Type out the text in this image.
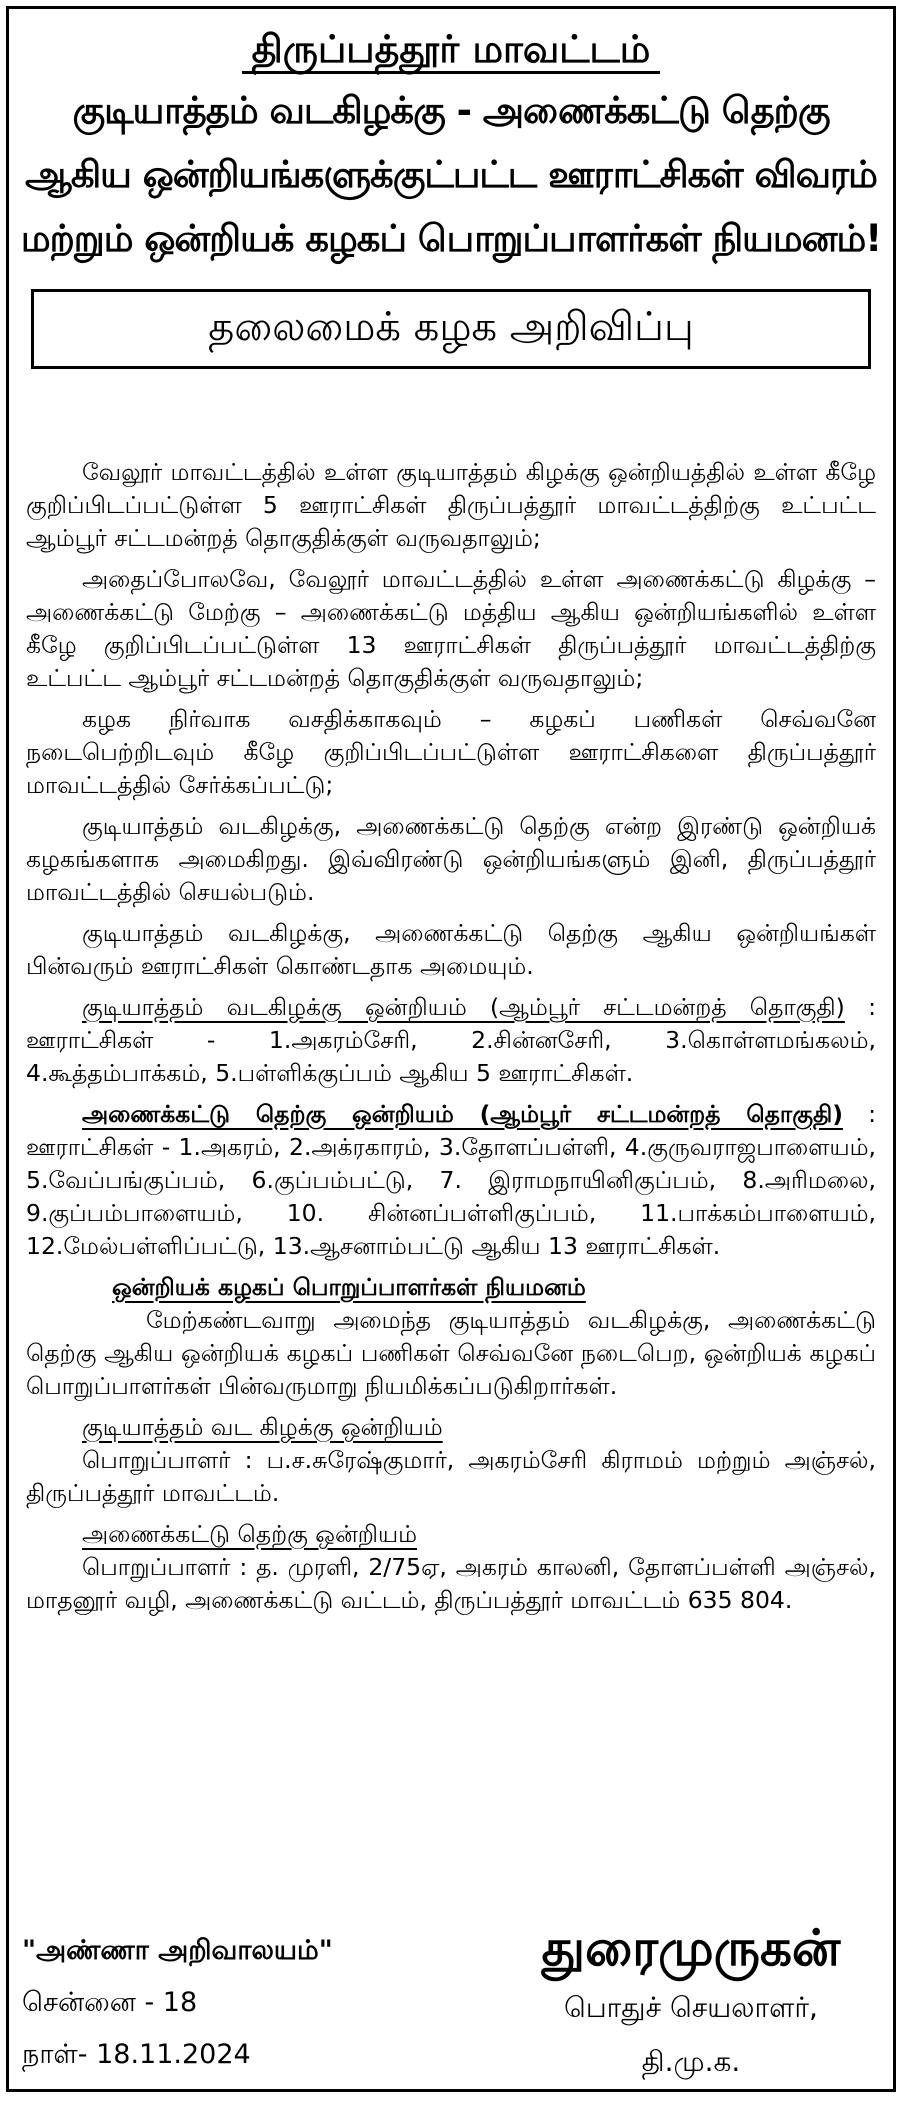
திருப்பத்தூர் மாவட்டம்
குடியாத்தம் வடகிழக்கு - அணைக்கட்டு தெற்கு
ஆகிய ஒன்றியங்களுக்குட்பட்ட ஊராட்சிகள் விவரம்
மற்றும் ஒன்றியக் கழகப் பொறுப்பாளர்கள் நியமனம்!
தலைமைக் கழக அறிவிப்பு

வேலூர் மாவட்டத்தில் உள்ள குடியாத்தம் கிழக்கு ஒன்றியத்தில் உள்ள கீழே குறிப்பிடப்பட்டுள்ள 5 ஊராட்சிகள் திருப்பத்தூர் மாவட்டத்திற்கு உட்பட்ட ஆம்பூர் சட்டமன்றத் தொகுதிக்குள் வருவதாலும்;

அதைப்போலவே, வேலூர் மாவட்டத்தில் உள்ள அணைக்கட்டு கிழக்கு – அணைக்கட்டு மேற்கு – அணைக்கட்டு மத்திய ஆகிய ஒன்றியங்களில் உள்ள கீழே குறிப்பிடப்பட்டுள்ள 13 ஊராட்சிகள் திருப்பத்தூர் மாவட்டத்திற்கு உட்பட்ட ஆம்பூர் சட்டமன்றத் தொகுதிக்குள் வருவதாலும்;

கழக நிர்வாக வசதிக்காகவும் – கழகப் பணிகள் செவ்வனே நடைபெற்றிடவும் கீழே குறிப்பிடப்பட்டுள்ள ஊராட்சிகளை திருப்பத்தூர் மாவட்டத்தில் சேர்க்கப்பட்டு;

குடியாத்தம் வடகிழக்கு, அணைக்கட்டு தெற்கு என்ற இரண்டு ஒன்றியக் கழகங்களாக அமைகிறது. இவ்விரண்டு ஒன்றியங்களும் இனி, திருப்பத்தூர் மாவட்டத்தில் செயல்படும்.

குடியாத்தம் வடகிழக்கு, அணைக்கட்டு தெற்கு ஆகிய ஒன்றியங்கள் பின்வரும் ஊராட்சிகள் கொண்டதாக அமையும்.

குடியாத்தம் வடகிழக்கு ஒன்றியம் (ஆம்பூர் சட்டமன்றத் தொகுதி) : ஊராட்சிகள் - 1.அகரம்சேரி, 2.சின்னசேரி, 3.கொள்ளமங்கலம், 4.கூத்தம்பாக்கம், 5.பள்ளிக்குப்பம் ஆகிய 5 ஊராட்சிகள்.

அணைக்கட்டு தெற்கு ஒன்றியம் (ஆம்பூர் சட்டமன்றத் தொகுதி) : ஊராட்சிகள் - 1.அகரம், 2.அக்ரகாரம், 3.தோளப்பள்ளி, 4.குருவராஜபாளையம், 5.வேப்பங்குப்பம், 6.குப்பம்பட்டு, 7. இராமநாயினிகுப்பம், 8.அரிமலை, 9.குப்பம்பாளையம், 10. சின்னப்பள்ளிகுப்பம், 11.பாக்கம்பாளையம், 12.மேல்பள்ளிப்பட்டு, 13.ஆசனாம்பட்டு ஆகிய 13 ஊராட்சிகள்.

ஒன்றியக் கழகப் பொறுப்பாளர்கள் நியமனம்

மேற்கண்டவாறு அமைந்த குடியாத்தம் வடகிழக்கு, அணைக்கட்டு தெற்கு ஆகிய ஒன்றியக் கழகப் பணிகள் செவ்வனே நடைபெற, ஒன்றியக் கழகப் பொறுப்பாளர்கள் பின்வருமாறு நியமிக்கப்படுகிறார்கள்.

குடியாத்தம் வட கிழக்கு ஒன்றியம்

பொறுப்பாளர் : ப.ச.சுரேஷ்குமார், அகரம்சேரி கிராமம் மற்றும் அஞ்சல், திருப்பத்தூர் மாவட்டம்.

அணைக்கட்டு தெற்கு ஒன்றியம்

பொறுப்பாளர் : த. முரளி, 2/75ஏ, அகரம் காலனி, தோளப்பள்ளி அஞ்சல், மாதனூர் வழி, அணைக்கட்டு வட்டம், திருப்பத்தூர் மாவட்டம் 635 804.

"அண்ணா அறிவாலயம்"
சென்னை - 18
நாள்- 18.11.2024
துரைமுருகன்
பொதுச் செயலாளர்,
தி.மு.க.
